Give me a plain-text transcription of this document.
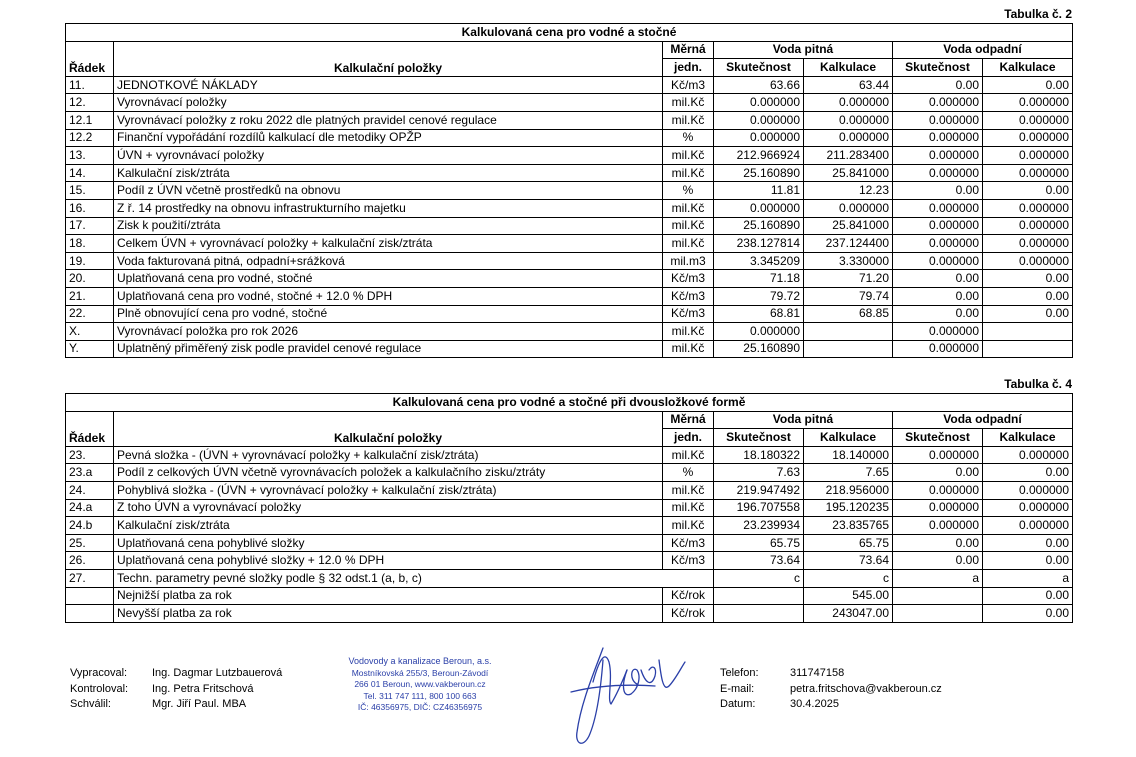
Tabulka č. 2
Kalkulovaná cena pro vodné a stočné						
Řádek	Kalkulační položky	Měrná	Voda pitná		Voda odpadní	
		jedn.	Skutečnost	Kalkulace	Skutečnost	Kalkulace
11.	JEDNOTKOVÉ NÁKLADY	Kč/m3	63.66	63.44	0.00	0.00
12.	Vyrovnávací položky	mil.Kč	0.000000	0.000000	0.000000	0.000000
12.1	Vyrovnávací položky z roku 2022 dle platných pravidel cenové regulace	mil.Kč	0.000000	0.000000	0.000000	0.000000
12.2	Finanční vypořádání rozdílů kalkulací dle metodiky OPŽP	%	0.000000	0.000000	0.000000	0.000000
13.	ÚVN + vyrovnávací položky	mil.Kč	212.966924	211.283400	0.000000	0.000000
14.	Kalkulační zisk/ztráta	mil.Kč	25.160890	25.841000	0.000000	0.000000
15.	Podíl z ÚVN včetně prostředků na obnovu	%	11.81	12.23	0.00	0.00
16.	Z ř. 14 prostředky na obnovu infrastrukturního majetku	mil.Kč	0.000000	0.000000	0.000000	0.000000
17.	Zisk k použití/ztráta	mil.Kč	25.160890	25.841000	0.000000	0.000000
18.	Celkem ÚVN + vyrovnávací položky + kalkulační zisk/ztráta	mil.Kč	238.127814	237.124400	0.000000	0.000000
19.	Voda fakturovaná pitná, odpadní+srážková	mil.m3	3.345209	3.330000	0.000000	0.000000
20.	Uplatňovaná cena pro vodné, stočné	Kč/m3	71.18	71.20	0.00	0.00
21.	Uplatňovaná cena pro vodné, stočné + 12.0 % DPH	Kč/m3	79.72	79.74	0.00	0.00
22.	Plně obnovující cena pro vodné, stočné	Kč/m3	68.81	68.85	0.00	0.00
X.	Vyrovnávací položka pro rok 2026	mil.Kč	0.000000		0.000000	
Y.	Uplatněný přiměřený zisk podle pravidel cenové regulace	mil.Kč	25.160890		0.000000	
Tabulka č. 4
Kalkulovaná cena pro vodné a stočné při dvousložkové formě						
Řádek	Kalkulační položky	Měrná	Voda pitná		Voda odpadní	
		jedn.	Skutečnost	Kalkulace	Skutečnost	Kalkulace
23.	Pevná složka - (ÚVN + vyrovnávací položky + kalkulační zisk/ztráta)	mil.Kč	18.180322	18.140000	0.000000	0.000000
23.a	Podíl z celkových ÚVN včetně vyrovnávacích položek a kalkulačního zisku/ztráty	%	7.63	7.65	0.00	0.00
24.	Pohyblivá složka - (ÚVN + vyrovnávací položky + kalkulační zisk/ztráta)	mil.Kč	219.947492	218.956000	0.000000	0.000000
24.a	Z toho ÚVN a vyrovnávací položky	mil.Kč	196.707558	195.120235	0.000000	0.000000
24.b	Kalkulační zisk/ztráta	mil.Kč	23.239934	23.835765	0.000000	0.000000
25.	Uplatňovaná cena pohyblivé složky	Kč/m3	65.75	65.75	0.00	0.00
26.	Uplatňovaná cena pohyblivé složky + 12.0 % DPH	Kč/m3	73.64	73.64	0.00	0.00
27.	Techn. parametry pevné složky podle § 32 odst.1 (a, b, c)		c	c	a	a
	Nejnižší platba za rok	Kč/rok		545.00		0.00
	Nevyšší platba za rok	Kč/rok		243047.00		0.00
Vypracoval: Ing. Dagmar Lutzbauerová
Kontroloval: Ing. Petra Fritschová
Schválil:	Mgr. Jiří Paul. MBA
Vodovody a kanalizace Beroun, a.s.
Mostníkovská 255/3, Beroun-Závodí
266 01 Beroun, www.vakberoun.cz
Tel. 311 747 111, 800 100 663
IČ: 46356975, DIČ: CZ46356975
Telefon:	311747158
E-mail:	petra.fritschova@vakberoun.cz
Datum:	30.4.2025
